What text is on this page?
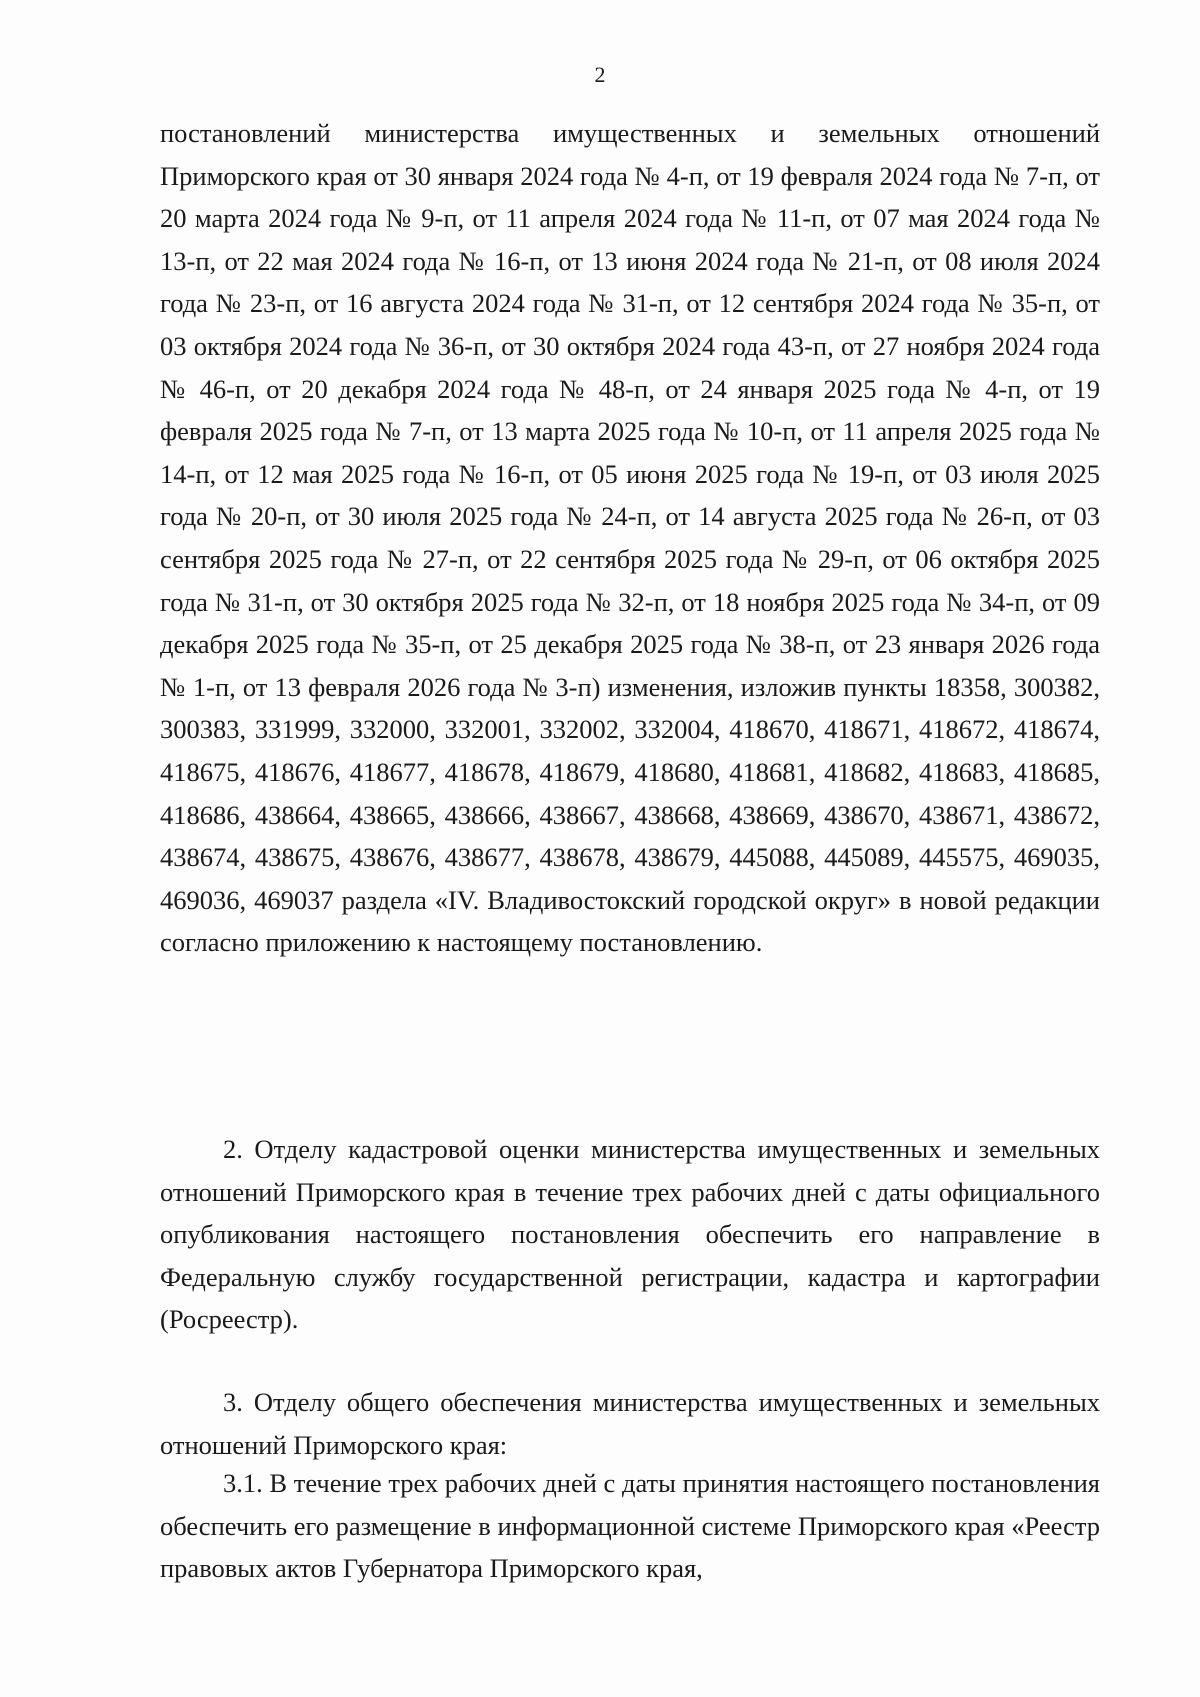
2

постановлений министерства имущественных и земельных отношений Приморского края от 30 января 2024 года № 4-п, от 19 февраля 2024 года № 7-п, от 20 марта 2024 года № 9-п, от 11 апреля 2024 года № 11-п, от 07 мая 2024 года № 13-п, от 22 мая 2024 года № 16-п, от 13 июня 2024 года № 21-п, от 08 июля 2024 года № 23-п, от 16 августа 2024 года № 31-п, от 12 сентября 2024 года № 35-п, от 03 октября 2024 года № 36-п, от 30 октября 2024 года 43-п, от 27 ноября 2024 года № 46-п, от 20 декабря 2024 года № 48-п, от 24 января 2025 года № 4-п, от 19 февраля 2025 года № 7-п, от 13 марта 2025 года № 10-п, от 11 апреля 2025 года № 14-п, от 12 мая 2025 года № 16-п, от 05 июня 2025 года № 19-п, от 03 июля 2025 года № 20-п, от 30 июля 2025 года № 24-п, от 14 августа 2025 года № 26-п, от 03 сентября 2025 года № 27-п, от 22 сентября 2025 года № 29-п, от 06 октября 2025 года № 31-п, от 30 октября 2025 года № 32-п, от 18 ноября 2025 года № 34-п, от 09 декабря 2025 года № 35-п, от 25 декабря 2025 года № 38-п, от 23 января 2026 года № 1-п, от 13 февраля 2026 года № 3-п) изменения, изложив пункты 18358, 300382, 300383, 331999, 332000, 332001, 332002, 332004, 418670, 418671, 418672, 418674, 418675, 418676, 418677, 418678, 418679, 418680, 418681, 418682, 418683, 418685, 418686, 438664, 438665, 438666, 438667, 438668, 438669, 438670, 438671, 438672, 438674, 438675, 438676, 438677, 438678, 438679, 445088, 445089, 445575, 469035, 469036, 469037 раздела «IV. Владивостокский городской округ» в новой редакции согласно приложению к настоящему постановлению.

2. Отделу кадастровой оценки министерства имущественных и земельных отношений Приморского края в течение трех рабочих дней с даты официального опубликования настоящего постановления обеспечить его направление в Федеральную службу государственной регистрации, кадастра и картографии (Росреестр).

3. Отделу общего обеспечения министерства имущественных и земельных отношений Приморского края:

3.1. В течение трех рабочих дней с даты принятия настоящего постановления обеспечить его размещение в информационной системе Приморского края «Реестр правовых актов Губернатора Приморского края,
